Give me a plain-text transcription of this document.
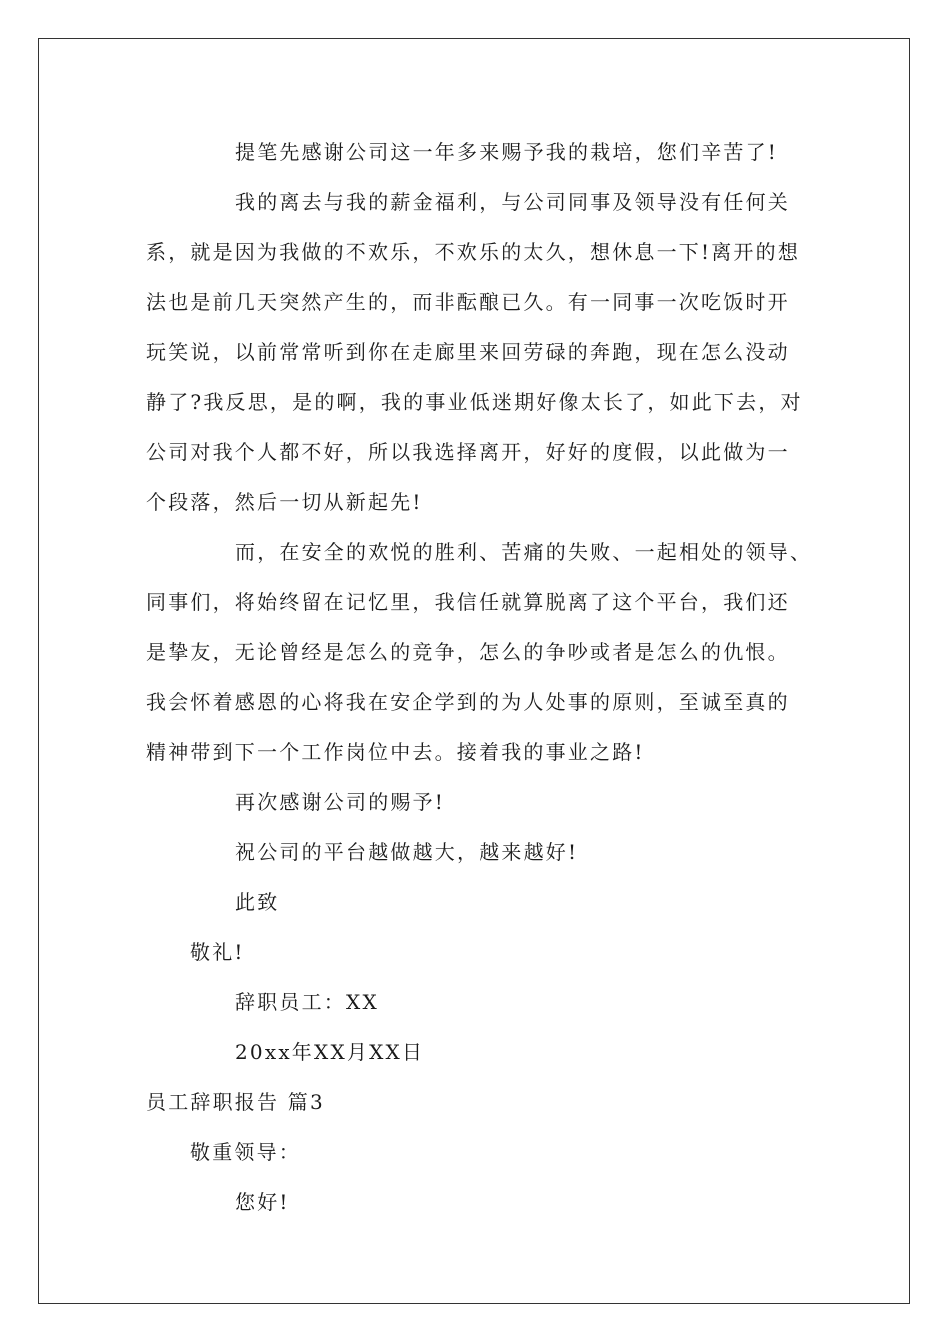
提笔先感谢公司这一年多来赐予我的栽培，您们辛苦了!
我的离去与我的薪金福利，与公司同事及领导没有任何关
系，就是因为我做的不欢乐，不欢乐的太久，想休息一下!离开的想
法也是前几天突然产生的，而非酝酿已久。有一同事一次吃饭时开
玩笑说，以前常常听到你在走廊里来回劳碌的奔跑，现在怎么没动
静了?我反思，是的啊，我的事业低迷期好像太长了，如此下去，对
公司对我个人都不好，所以我选择离开，好好的度假，以此做为一
个段落，然后一切从新起先!
而，在安全的欢悦的胜利、苦痛的失败、一起相处的领导、
同事们，将始终留在记忆里，我信任就算脱离了这个平台，我们还
是挚友，无论曾经是怎么的竞争，怎么的争吵或者是怎么的仇恨。
我会怀着感恩的心将我在安企学到的为人处事的原则，至诚至真的
精神带到下一个工作岗位中去。接着我的事业之路!
再次感谢公司的赐予!
祝公司的平台越做越大，越来越好!
此致
敬礼!
辞职员工：XX
20xx年XX月XX日
员工辞职报告 篇3
敬重领导：
您好!
